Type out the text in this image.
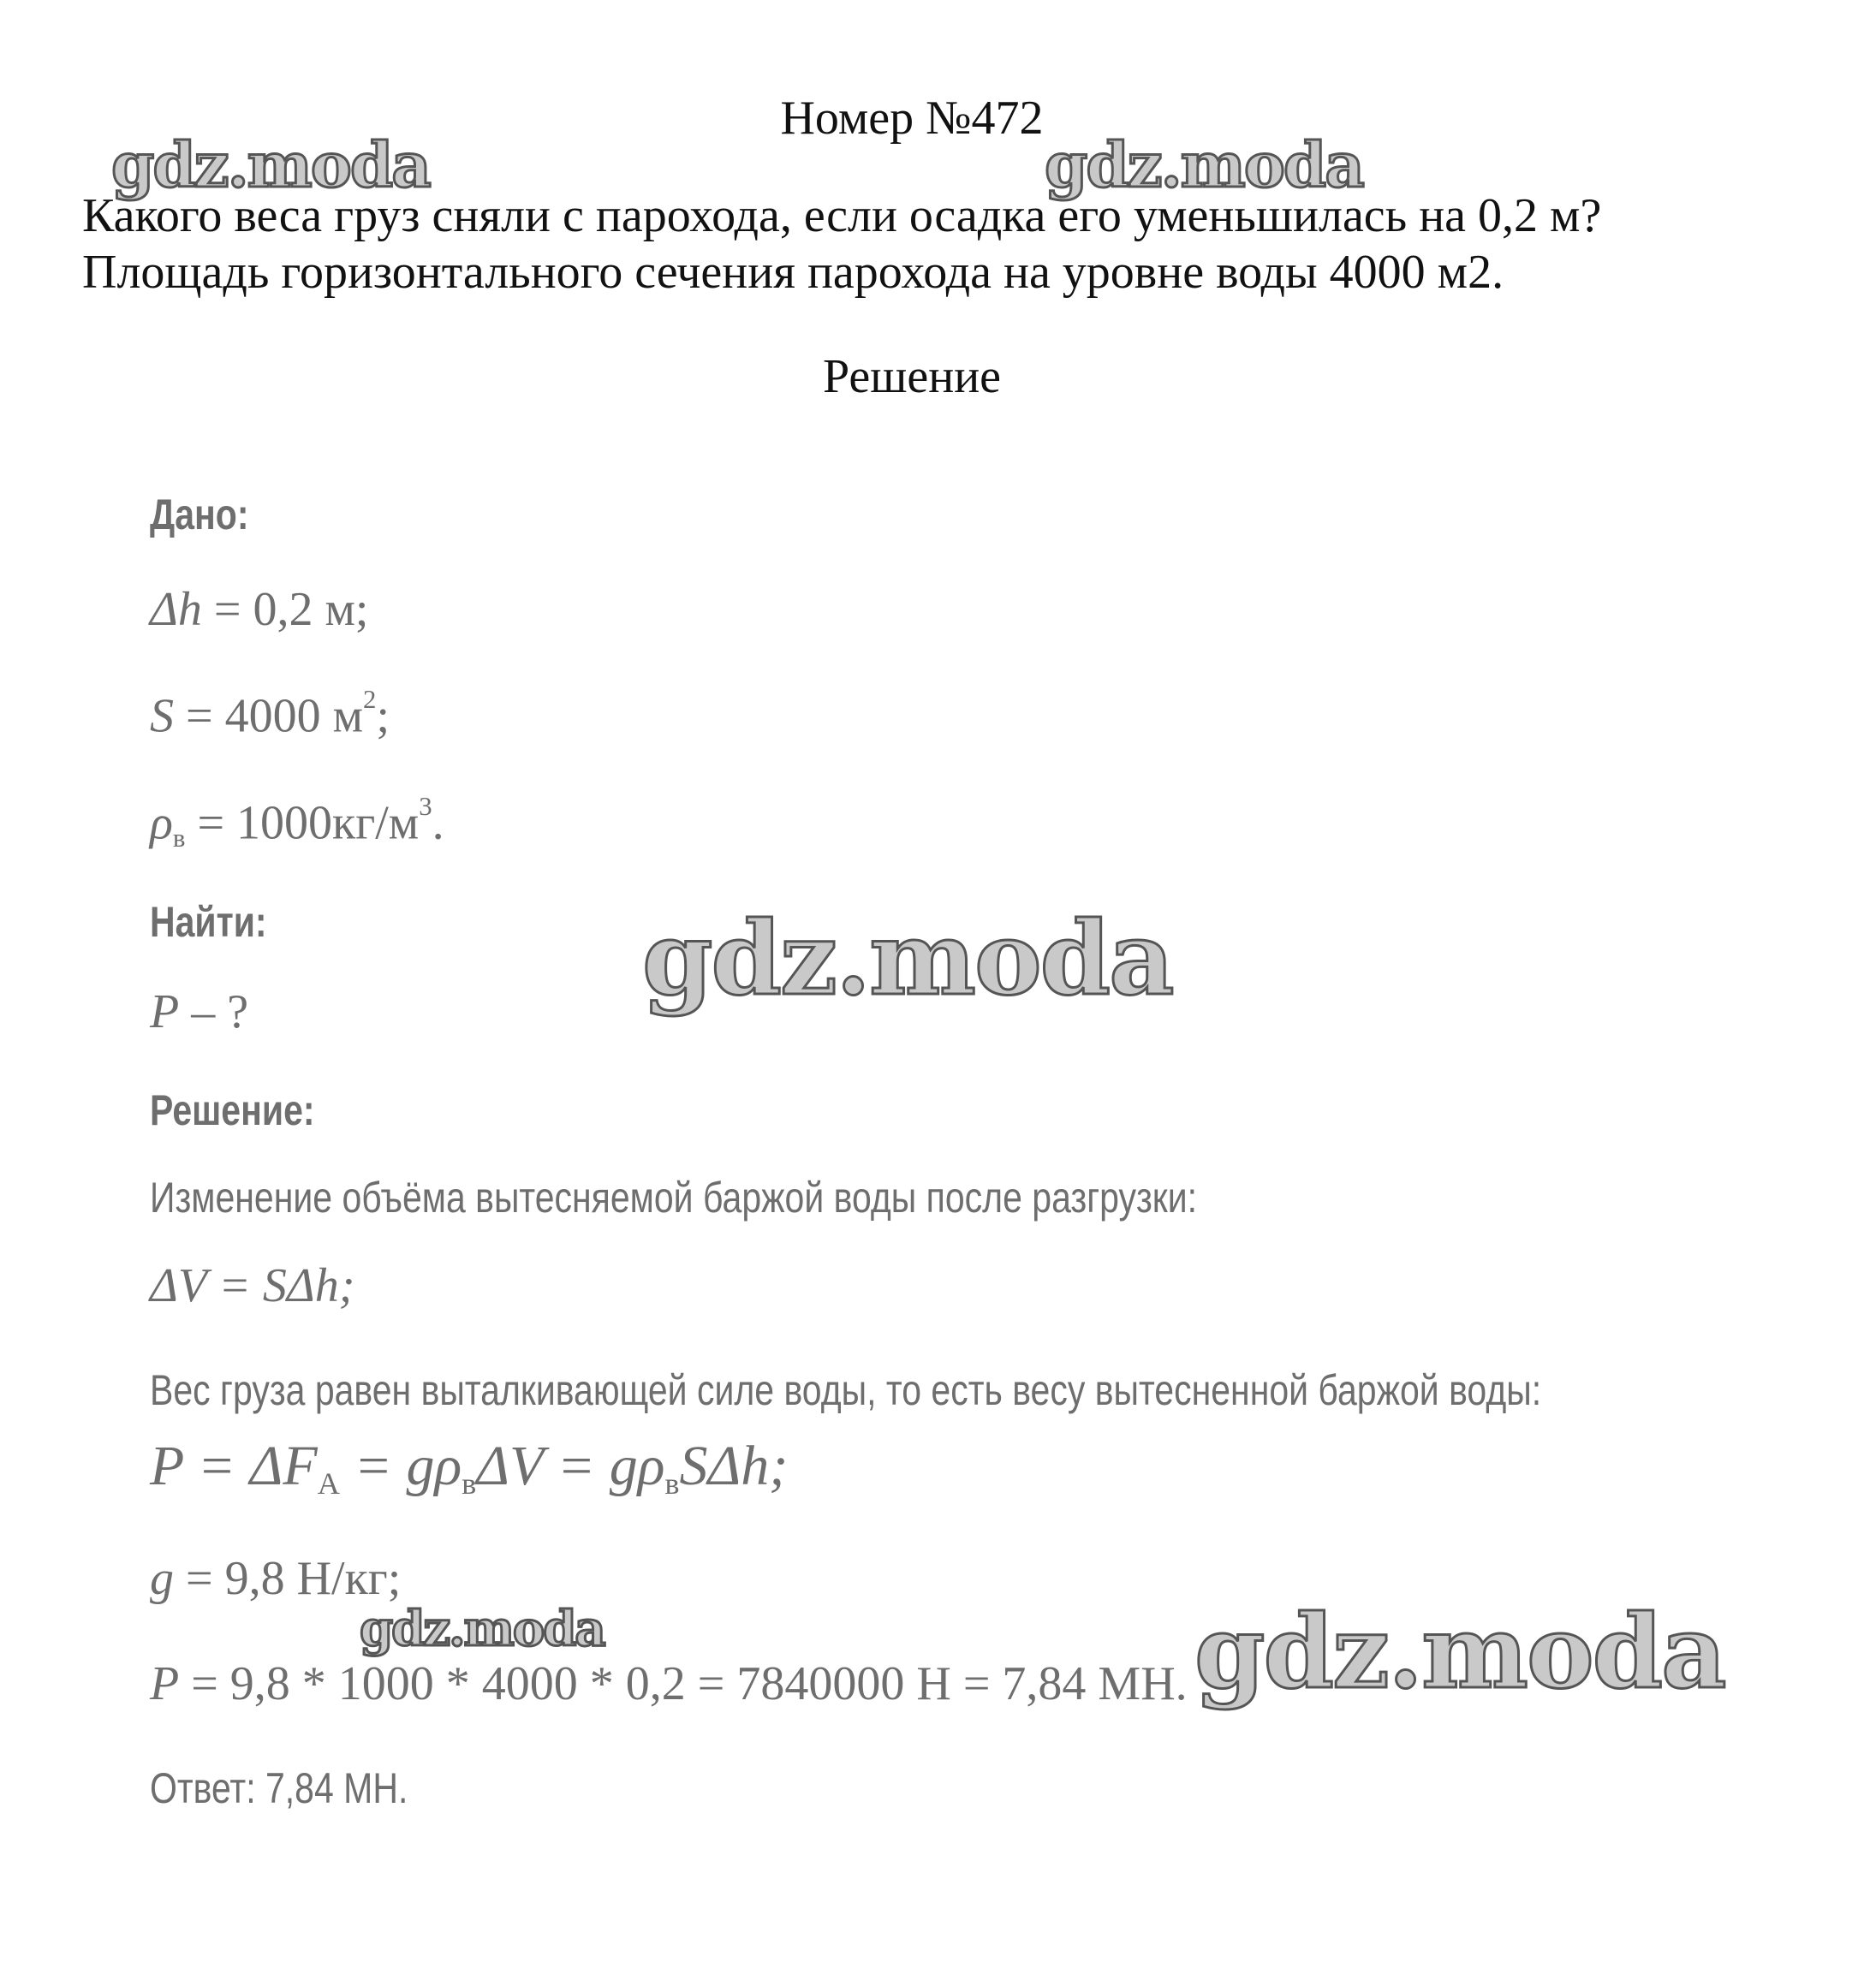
gdz.moda	gdz.moda
gdz.moda
gdz.moda	gdz.moda
Номер №472
Какого веса груз сняли с парохода, если осадка его уменьшилась на 0,2 м?
Площадь горизонтального сечения парохода на уровне воды 4000 м2.
Решение
Дано:
Δh = 0,2 м;
S = 4000 $м^2$;
$\rho_в = 1000кг/м^3$.
Найти:
P – ?
Решение:
Изменение объёма вытесняемой баржой воды после разгрузки:
ΔV = SΔh;
Вес груза равен выталкивающей силе воды, то есть весу вытесненной баржой воды:
$P = \Delta F_A = g\rho_в\Delta V = g\rho_вS\Delta h$;
g = 9,8 Н/кг;
P = 9,8 * 1000 * 4000 * 0,2 = 7840000 Н = 7,84 МН.
Ответ: 7,84 МН.
